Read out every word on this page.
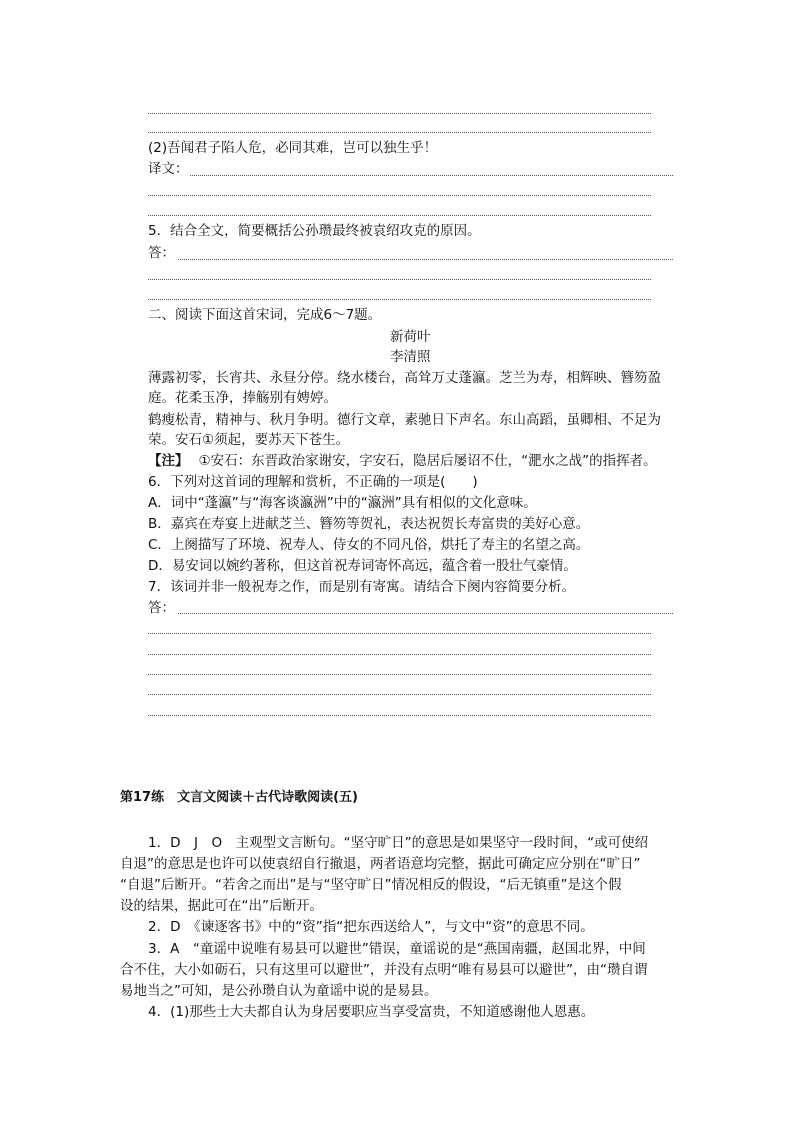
(2)吾闻君子陷人危，必同其难，岂可以独生乎！
译文：
5．结合全文，简要概括公孙瓒最终被袁绍攻克的原因。
答：
二、阅读下面这首宋词，完成6～7题。
新荷叶
李清照
薄露初零，长宵共、永昼分停。绕水楼台，高耸万丈蓬瀛。芝兰为寿，相辉映、簪笏盈
庭。花柔玉净，捧觞别有娉婷。
鹤瘦松青，精神与、秋月争明。德行文章，素驰日下声名。东山高蹈，虽卿相、不足为
荣。安石①须起，要苏天下苍生。
【注】 ①安石：东晋政治家谢安，字安石，隐居后屡诏不仕，“淝水之战”的指挥者。
6．下列对这首词的理解和赏析，不正确的一项是(　　)
A．词中“蓬瀛”与“海客谈瀛洲”中的“瀛洲”具有相似的文化意味。
B．嘉宾在寿宴上进献芝兰、簪笏等贺礼，表达祝贺长寿富贵的美好心意。
C．上阕描写了环境、祝寿人、侍女的不同凡俗，烘托了寿主的名望之高。
D．易安词以婉约著称，但这首祝寿词寄怀高远，蕴含着一股壮气豪情。
7．该词并非一般祝寿之作，而是别有寄寓。请结合下阕内容简要分析。
答：
第17练　文言文阅读＋古代诗歌阅读(五)
1．D　J　O　主观型文言断句。“坚守旷日”的意思是如果坚守一段时间，“或可使绍
自退”的意思是也许可以使袁绍自行撤退，两者语意均完整，据此可确定应分别在“旷日”
“自退”后断开。“若舍之而出”是与“坚守旷日”情况相反的假设，“后无镇重”是这个假
设的结果，据此可在“出”后断开。
2．D　《谏逐客书》中的“资”指“把东西送给人”，与文中“资”的意思不同。
3．A　“童谣中说唯有易县可以避世”错误，童谣说的是“燕国南疆，赵国北界，中间
合不住，大小如砺石，只有这里可以避世”，并没有点明“唯有易县可以避世”，由“瓒自谓
易地当之”可知，是公孙瓒自认为童谣中说的是易县。
4．(1)那些士大夫都自认为身居要职应当享受富贵，不知道感谢他人恩惠。
